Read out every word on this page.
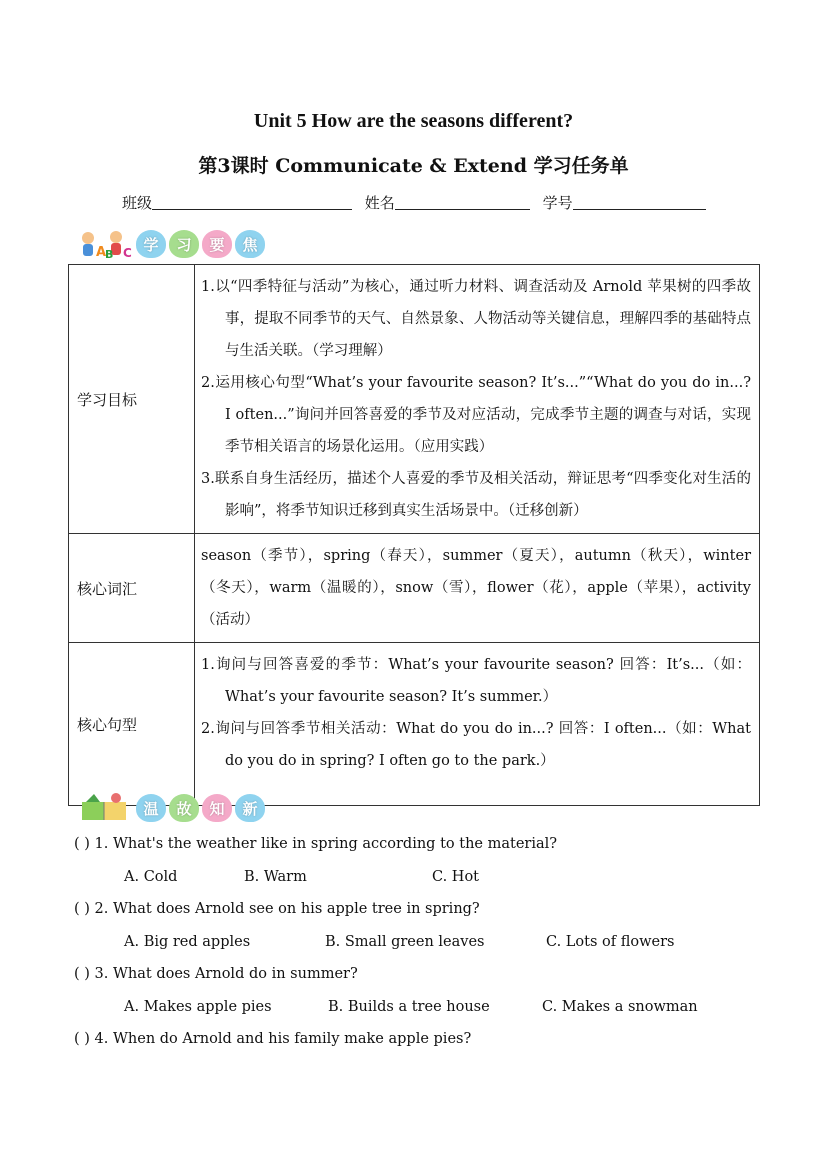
Unit 5 How are the seasons different?
第3课时 Communicate & Extend 学习任务单
班级	姓名	学号
A
B C 学	习	要	焦
学习目标	1.以“四季特征与活动”为核心，通过听力材料、调查活动及 Arnold 苹果树的四季故事，提取不同季节的天气、自然景象、人物活动等关键信息，理解四季的基础特点与生活关联。（学习理解）
2.运用核心句型“What’s your favourite season? It’s...”“What do you do in...? I often...”询问并回答喜爱的季节及对应活动，完成季节主题的调查与对话，实现季节相关语言的场景化运用。（应用实践）
3.联系自身生活经历，描述个人喜爱的季节及相关活动，辩证思考“四季变化对生活的影响”，将季节知识迁移到真实生活场景中。（迁移创新）

核心词汇	season（季节），spring（春天），summer（夏天），autumn（秋天），winter（冬天），warm（温暖的），snow（雪），flower（花），apple（苹果），activity（活动）

核心句型	1.询问与回答喜爱的季节：What’s your favourite season? 回答：It’s...（如：What’s your favourite season? It’s summer.）
2.询问与回答季节相关活动：What do you do in...? 回答：I often...（如：What do you do in spring? I often go to the park.）
温	故	知	新
( ) 1. What's the weather like in spring according to the material?
A. Cold	B. Warm	C. Hot
( ) 2. What does Arnold see on his apple tree in spring?
A. Big red apples	B. Small green leaves	C. Lots of flowers
( ) 3. What does Arnold do in summer?
A. Makes apple pies	B. Builds a tree house	C. Makes a snowman
( ) 4. When do Arnold and his family make apple pies?
